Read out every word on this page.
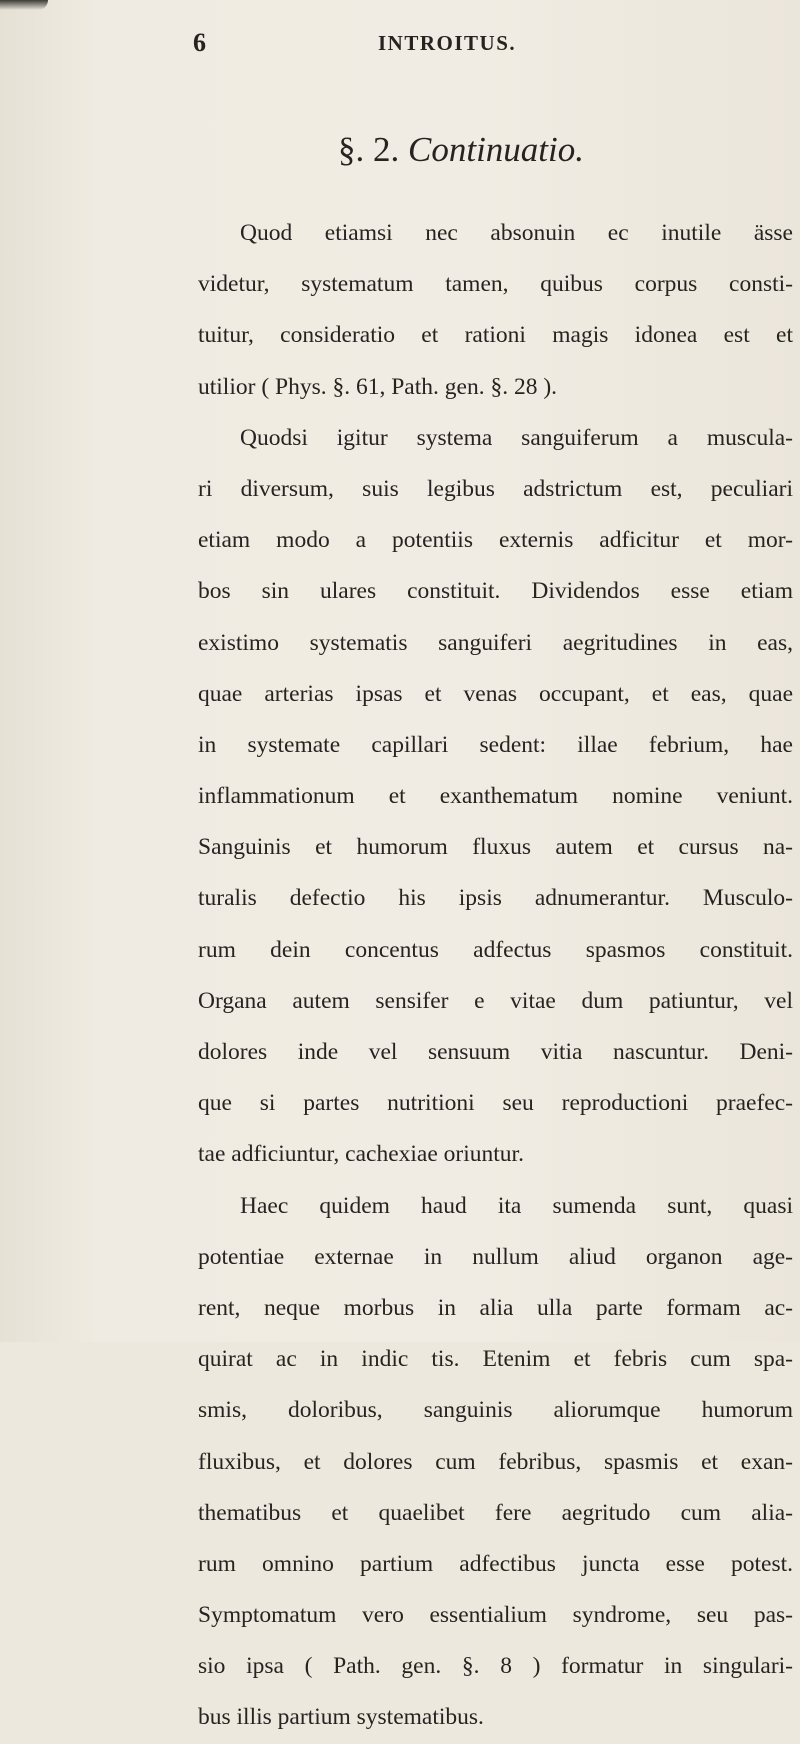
6	INTROITUS.
§. 2. Continuatio.
Quod etiamsi nec absonuin ec inutile ässe
videtur, systematum tamen, quibus corpus consti-
tuitur, consideratio et rationi magis idonea est et
utilior ( Phys. §. 61, Path. gen. §. 28 ).
Quodsi igitur systema sanguiferum a muscula-
ri diversum, suis legibus adstrictum est, peculiari
etiam modo a potentiis externis adficitur et mor-
bos sin ulares constituit. Dividendos esse etiam
existimo systematis sanguiferi aegritudines in eas,
quae arterias ipsas et venas occupant, et eas, quae
in systemate capillari sedent: illae febrium, hae
inflammationum et exanthematum nomine veniunt.
Sanguinis et humorum fluxus autem et cursus na-
turalis defectio his ipsis adnumerantur. Musculo-
rum dein concentus adfectus spasmos constituit.
Organa autem sensifer e vitae dum patiuntur, vel
dolores inde vel sensuum vitia nascuntur. Deni-
que si partes nutritioni seu reproductioni praefec-
tae adficiuntur, cachexiae oriuntur.
Haec quidem haud ita sumenda sunt, quasi
potentiae externae in nullum aliud organon age-
rent, neque morbus in alia ulla parte formam ac-
quirat ac in indic tis. Etenim et febris cum spa-
smis, doloribus, sanguinis aliorumque humorum
fluxibus, et dolores cum febribus, spasmis et exan-
thematibus et quaelibet fere aegritudo cum alia-
rum omnino partium adfectibus juncta esse potest.
Symptomatum vero essentialium syndrome, seu pas-
sio ipsa ( Path. gen. §. 8 ) formatur in singulari-
bus illis partium systematibus.
